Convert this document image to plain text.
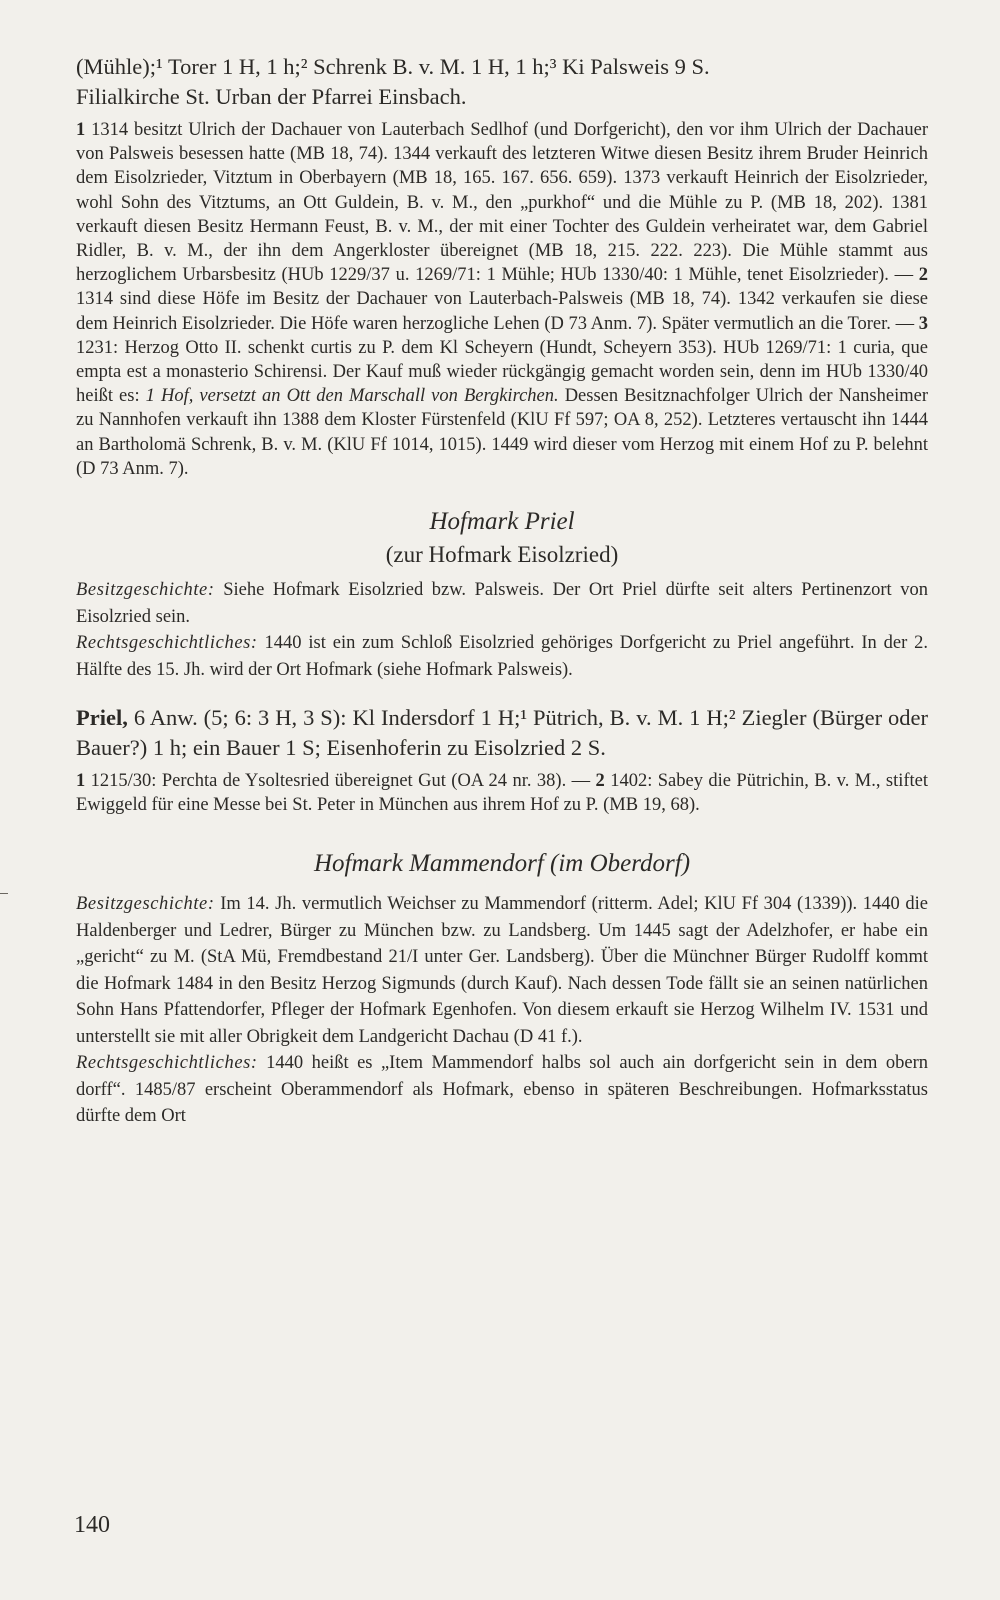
(Mühle);¹ Torer 1 H, 1 h;² Schrenk B. v. M. 1 H, 1 h;³ Ki Palsweis 9 S.

Filialkirche St. Urban der Pfarrei Einsbach.

1 1314 besitzt Ulrich der Dachauer von Lauterbach Sedlhof (und Dorfgericht), den vor ihm Ulrich der Dachauer von Palsweis besessen hatte (MB 18, 74). 1344 verkauft des letzteren Witwe diesen Besitz ihrem Bruder Heinrich dem Eisolzrieder, Vitztum in Oberbayern (MB 18, 165. 167. 656. 659). 1373 verkauft Heinrich der Eisolzrieder, wohl Sohn des Vitztums, an Ott Guldein, B. v. M., den „purkhof“ und die Mühle zu P. (MB 18, 202). 1381 verkauft diesen Besitz Hermann Feust, B. v. M., der mit einer Tochter des Guldein verheiratet war, dem Gabriel Ridler, B. v. M., der ihn dem Angerkloster übereignet (MB 18, 215. 222. 223). Die Mühle stammt aus herzoglichem Urbarsbesitz (HUb 1229/37 u. 1269/71: 1 Mühle; HUb 1330/40: 1 Mühle, tenet Eisolzrieder). — 2 1314 sind diese Höfe im Besitz der Dachauer von Lauterbach-Palsweis (MB 18, 74). 1342 verkaufen sie diese dem Heinrich Eisolzrieder. Die Höfe waren herzogliche Lehen (D 73 Anm. 7). Später vermutlich an die Torer. — 3 1231: Herzog Otto II. schenkt curtis zu P. dem Kl Scheyern (Hundt, Scheyern 353). HUb 1269/71: 1 curia, que empta est a monasterio Schirensi. Der Kauf muß wieder rückgängig gemacht worden sein, denn im HUb 1330/40 heißt es: 1 Hof, versetzt an Ott den Marschall von Bergkirchen. Dessen Besitznachfolger Ulrich der Nansheimer zu Nannhofen verkauft ihn 1388 dem Kloster Fürstenfeld (KlU Ff 597; OA 8, 252). Letzteres vertauscht ihn 1444 an Bartholomä Schrenk, B. v. M. (KlU Ff 1014, 1015). 1449 wird dieser vom Herzog mit einem Hof zu P. belehnt (D 73 Anm. 7).

Hofmark Priel
(zur Hofmark Eisolzried)

Besitzgeschichte: Siehe Hofmark Eisolzried bzw. Palsweis. Der Ort Priel dürfte seit alters Pertinenzort von Eisolzried sein.

Rechtsgeschichtliches: 1440 ist ein zum Schloß Eisolzried gehöriges Dorfgericht zu Priel angeführt. In der 2. Hälfte des 15. Jh. wird der Ort Hofmark (siehe Hofmark Palsweis).

Priel, 6 Anw. (5; 6: 3 H, 3 S): Kl Indersdorf 1 H;¹ Pütrich, B. v. M. 1 H;² Ziegler (Bürger oder Bauer?) 1 h; ein Bauer 1 S; Eisenhoferin zu Eisolzried 2 S.

1 1215/30: Perchta de Ysoltesried übereignet Gut (OA 24 nr. 38). — 2 1402: Sabey die Pütrichin, B. v. M., stiftet Ewiggeld für eine Messe bei St. Peter in München aus ihrem Hof zu P. (MB 19, 68).

Hofmark Mammendorf (im Oberdorf)

Besitzgeschichte: Im 14. Jh. vermutlich Weichser zu Mammendorf (ritterm. Adel; KlU Ff 304 (1339)). 1440 die Haldenberger und Ledrer, Bürger zu München bzw. zu Landsberg. Um 1445 sagt der Adelzhofer, er habe ein „gericht“ zu M. (StA Mü, Fremdbestand 21/I unter Ger. Landsberg). Über die Münchner Bürger Rudolff kommt die Hofmark 1484 in den Besitz Herzog Sigmunds (durch Kauf). Nach dessen Tode fällt sie an seinen natürlichen Sohn Hans Pfattendorfer, Pfleger der Hofmark Egenhofen. Von diesem erkauft sie Herzog Wilhelm IV. 1531 und unterstellt sie mit aller Obrigkeit dem Landgericht Dachau (D 41 f.).

Rechtsgeschichtliches: 1440 heißt es „Item Mammendorf halbs sol auch ain dorfgericht sein in dem obern dorff“. 1485/87 erscheint Oberammendorf als Hofmark, ebenso in späteren Beschreibungen. Hofmarksstatus dürfte dem Ort

140
